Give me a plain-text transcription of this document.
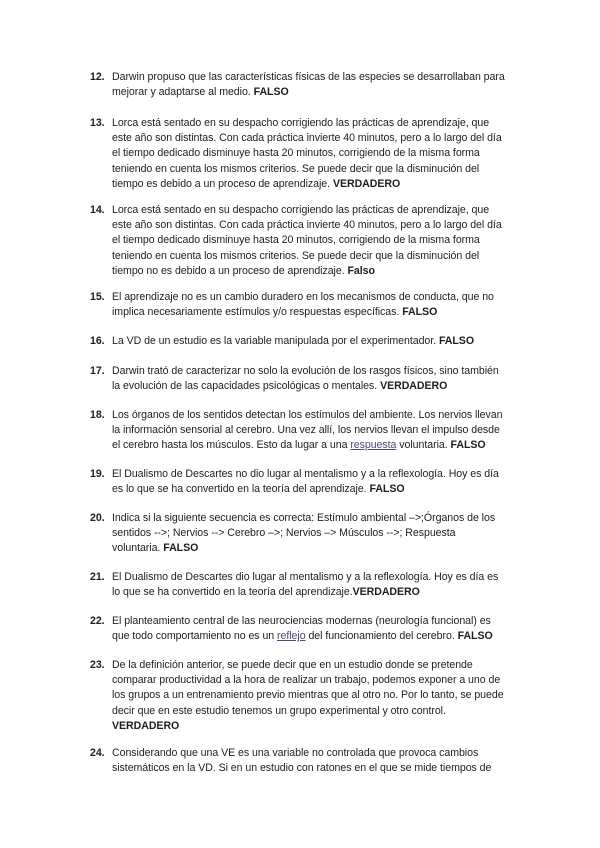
12. Darwin propuso que las características físicas de las especies se desarrollaban para
mejorar y adaptarse al medio. FALSO
13. Lorca está sentado en su despacho corrigiendo las prácticas de aprendizaje, que
este año son distintas. Con cada práctica invierte 40 minutos, pero a lo largo del día
el tiempo dedicado disminuye hasta 20 minutos, corrigiendo de la misma forma
teniendo en cuenta los mismos criterios. Se puede decir que la disminución del
tiempo es debido a un proceso de aprendizaje. VERDADERO
14. Lorca está sentado en su despacho corrigiendo las prácticas de aprendizaje, que
este año son distintas. Con cada práctica invierte 40 minutos, pero a lo largo del día
el tiempo dedicado disminuye hasta 20 minutos, corrigiendo de la misma forma
teniendo en cuenta los mismos criterios. Se puede decir que la disminución del
tiempo no es debido a un proceso de aprendizaje. Falso
15. El aprendizaje no es un cambio duradero en los mecanismos de conducta, que no
implica necesariamente estímulos y/o respuestas específicas. FALSO
16. La VD de un estudio es la variable manipulada por el experimentador. FALSO
17. Darwin trató de caracterizar no solo la evolución de los rasgos físicos, sino también
la evolución de las capacidades psicológicas o mentales. VERDADERO
18. Los órganos de los sentidos detectan los estímulos del ambiente. Los nervios llevan
la información sensorial al cerebro. Una vez allí, los nervios llevan el impulso desde
el cerebro hasta los músculos. Esto da lugar a una respuesta voluntaria. FALSO
19. El Dualismo de Descartes no dio lugar al mentalismo y a la reflexología. Hoy es día
es lo que se ha convertido en la teoría del aprendizaje. FALSO
20. Indica si la siguiente secuencia es correcta: Estímulo ambiental –>;Órganos de los
sentidos -->; Nervios --> Cerebro –>; Nervios –> Músculos -->; Respuesta
voluntaria. FALSO
21. El Dualismo de Descartes dio lugar al mentalismo y a la reflexología. Hoy es día es
lo que se ha convertido en la teoría del aprendizaje.VERDADERO
22. El planteamiento central de las neurociencias modernas (neurología funcional) es
que todo comportamiento no es un reflejo del funcionamiento del cerebro. FALSO
23. De la definición anterior, se puede decir que en un estudio donde se pretende
comparar productividad a la hora de realizar un trabajo, podemos exponer a uno de
los grupos a un entrenamiento previo mientras que al otro no. Por lo tanto, se puede
decir que en este estudio tenemos un grupo experimental y otro control.
VERDADERO
24. Considerando que una VE es una variable no controlada que provoca cambios
sistemáticos en la VD. Si en un estudio con ratones en el que se mide tiempos de
